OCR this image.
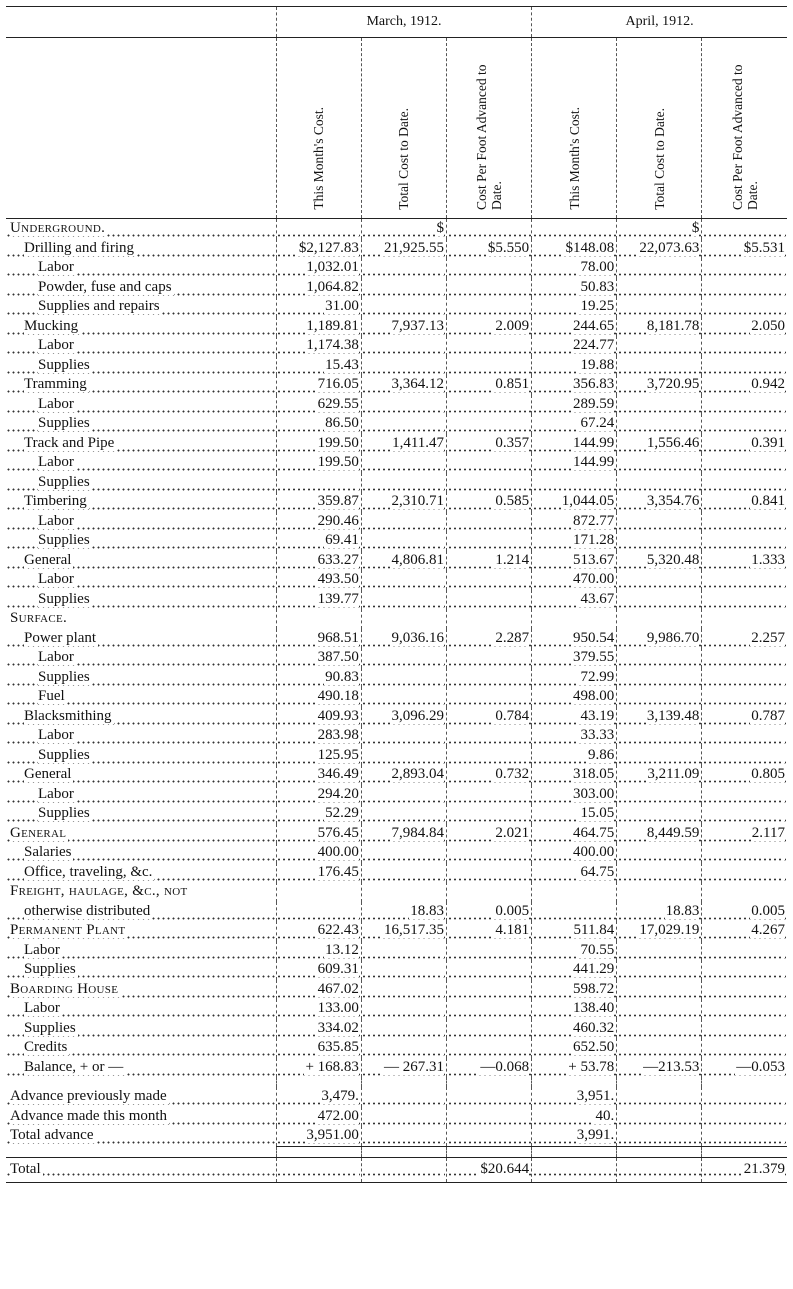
	March, 1912.			April, 1912.		

	This Month's Cost.	Total Cost to Date.	Cost Per Foot Advanced to Date.	This Month's Cost.	Total Cost to Date.	Cost Per Foot Advanced to Date.

Underground.		$			$	
Drilling and firing	$2,127.83	21,925.55	$5.550	$148.08	22,073.63	$5.531
Labor	1,032.01			78.00		
Powder, fuse and caps	1,064.82			50.83		
Supplies and repairs	31.00			19.25		
Mucking	1,189.81	7,937.13	2.009	244.65	8,181.78	2.050
Labor	1,174.38			224.77		
Supplies	15.43			19.88		
Tramming	716.05	3,364.12	0.851	356.83	3,720.95	0.942
Labor	629.55			289.59		
Supplies	86.50			67.24		
Track and Pipe	199.50	1,411.47	0.357	144.99	1,556.46	0.391
Labor	199.50			144.99		
Supplies						
Timbering	359.87	2,310.71	0.585	1,044.05	3,354.76	0.841
Labor	290.46			872.77		
Supplies	69.41			171.28		
General	633.27	4,806.81	1.214	513.67	5,320.48	1.333
Labor	493.50			470.00		
Supplies	139.77			43.67		
Surface.						
Power plant	968.51	9,036.16	2.287	950.54	9,986.70	2.257
Labor	387.50			379.55		
Supplies	90.83			72.99		
Fuel	490.18			498.00		
Blacksmithing	409.93	3,096.29	0.784	43.19	3,139.48	0.787
Labor	283.98			33.33		
Supplies	125.95			9.86		
General	346.49	2,893.04	0.732	318.05	3,211.09	0.805
Labor	294.20			303.00		
Supplies	52.29			15.05		
General	576.45	7,984.84	2.021	464.75	8,449.59	2.117
Salaries	400.00			400.00		
Office, traveling, &c.	176.45			64.75		
Freight, haulage, &c., not						
otherwise distributed		18.83	0.005		18.83	0.005
Permanent Plant	622.43	16,517.35	4.181	511.84	17,029.19	4.267
Labor	13.12			70.55		
Supplies	609.31			441.29		
Boarding House	467.02			598.72		
Labor	133.00			138.40		
Supplies	334.02			460.32		
Credits	635.85			652.50		
Balance, + or —	+ 168.83	— 267.31	—0.068	+ 53.78	—213.53	—0.053

Advance previously made	3,479.			3,951.		
Advance made this month	472.00			40.		
Total advance	3,951.00			3,991.		

Total			$20.644			21.379
